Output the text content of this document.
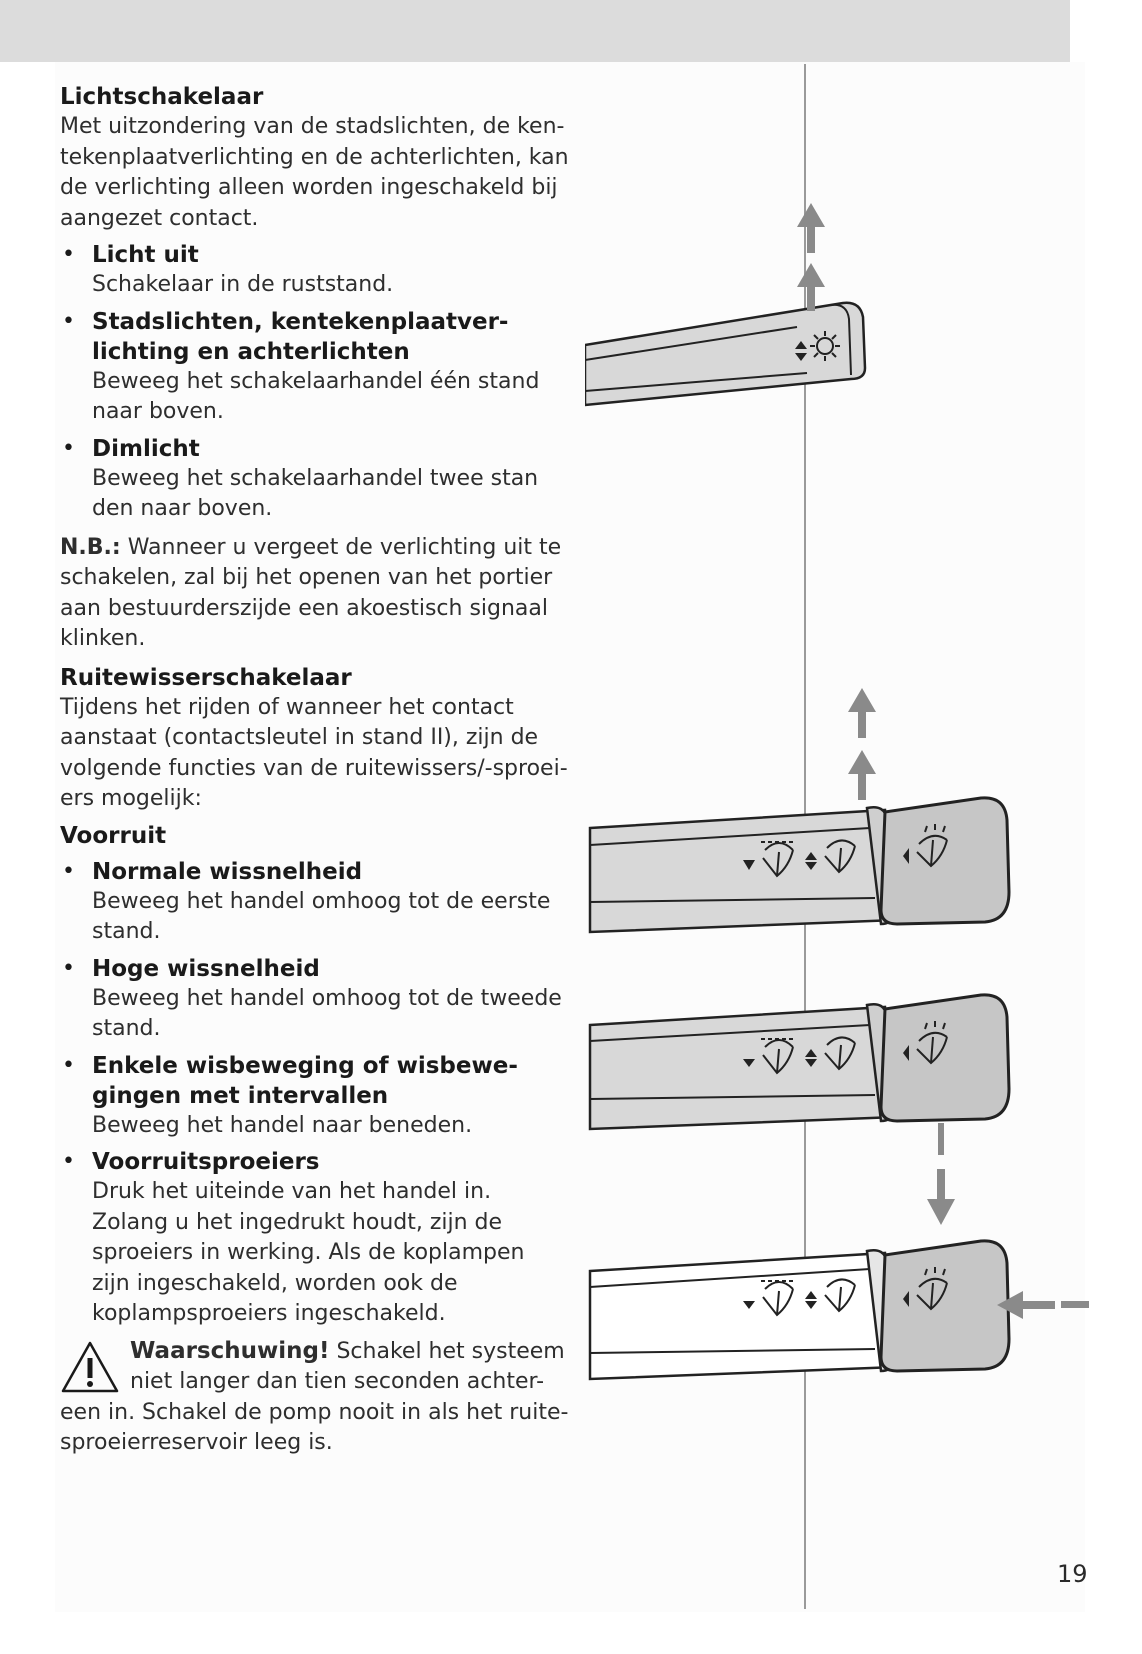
Lichtschakelaar

Met uitzondering van de stadslichten, de ken-

tekenplaatverlichting en de achterlichten, kan

de verlichting alleen worden ingeschakeld bij

aangezet contact.

• Licht uit

Schakelaar in de ruststand.

• Stadslichten, kentekenplaatver-

lichting en achterlichten

Beweeg het schakelaarhandel één stand

naar boven.

• Dimlicht

Beweeg het schakelaarhandel twee stan

den naar boven.

N.B.: Wanneer u vergeet de verlichting uit te

schakelen, zal bij het openen van het portier

aan bestuurderszijde een akoestisch signaal

klinken.

Ruitewisserschakelaar

Tijdens het rijden of wanneer het contact

aanstaat (contactsleutel in stand II), zijn de

volgende functies van de ruitewissers/-sproei-

ers mogelijk:

Voorruit

• Normale wissnelheid

Beweeg het handel omhoog tot de eerste

stand.

• Hoge wissnelheid

Beweeg het handel omhoog tot de tweede

stand.

• Enkele wisbeweging of wisbewe-

gingen met intervallen

Beweeg het handel naar beneden.

• Voorruitsproeiers

Druk het uiteinde van het handel in.

Zolang u het ingedrukt houdt, zijn de

sproeiers in werking. Als de koplampen

zijn ingeschakeld, worden ook de

koplampsproeiers ingeschakeld.

Waarschuwing! Schakel het systeem

niet langer dan tien seconden achter-

een in. Schakel de pomp nooit in als het ruite-

sproeierreservoir leeg is.

19
